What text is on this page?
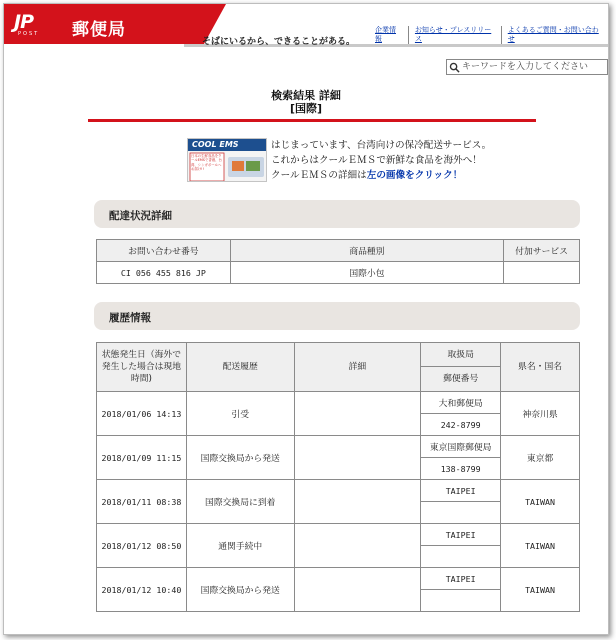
JP
POST 郵便局
そばにいるから、できることがある。
企業情報
お知らせ・プレスリリース
よくあるご質問・お問い合わせ
キーワードを入力してください
検索結果 詳細
[国際]
COOL EMS
日本の生鮮食品をクールEMSで香港、台湾、シンガポールへお届け!!
はじまっています、台湾向けの保冷配送サービス。
これからはクールＥＭＳで新鮮な食品を海外へ！
クールＥＭＳの詳細は左の画像をクリック！
配達状況詳細
お問い合わせ番号	商品種別	付加サービス
CI 056 455 816 JP	国際小包	
履歴情報
状態発生日（海外で発生した場合は現地時間)	配送履歴	詳細	取扱局	県名・国名
			郵便番号	
2018/01/06 14:13	引受		大和郵便局	神奈川県
			242-8799	
2018/01/09 11:15	国際交換局から発送		東京国際郵便局	東京都
			138-8799	
2018/01/11 08:38	国際交換局に到着		TAIPEI	TAIWAN

2018/01/12 08:50	通関手続中		TAIPEI	TAIWAN

2018/01/12 10:40	国際交換局から発送		TAIPEI	TAIWAN
